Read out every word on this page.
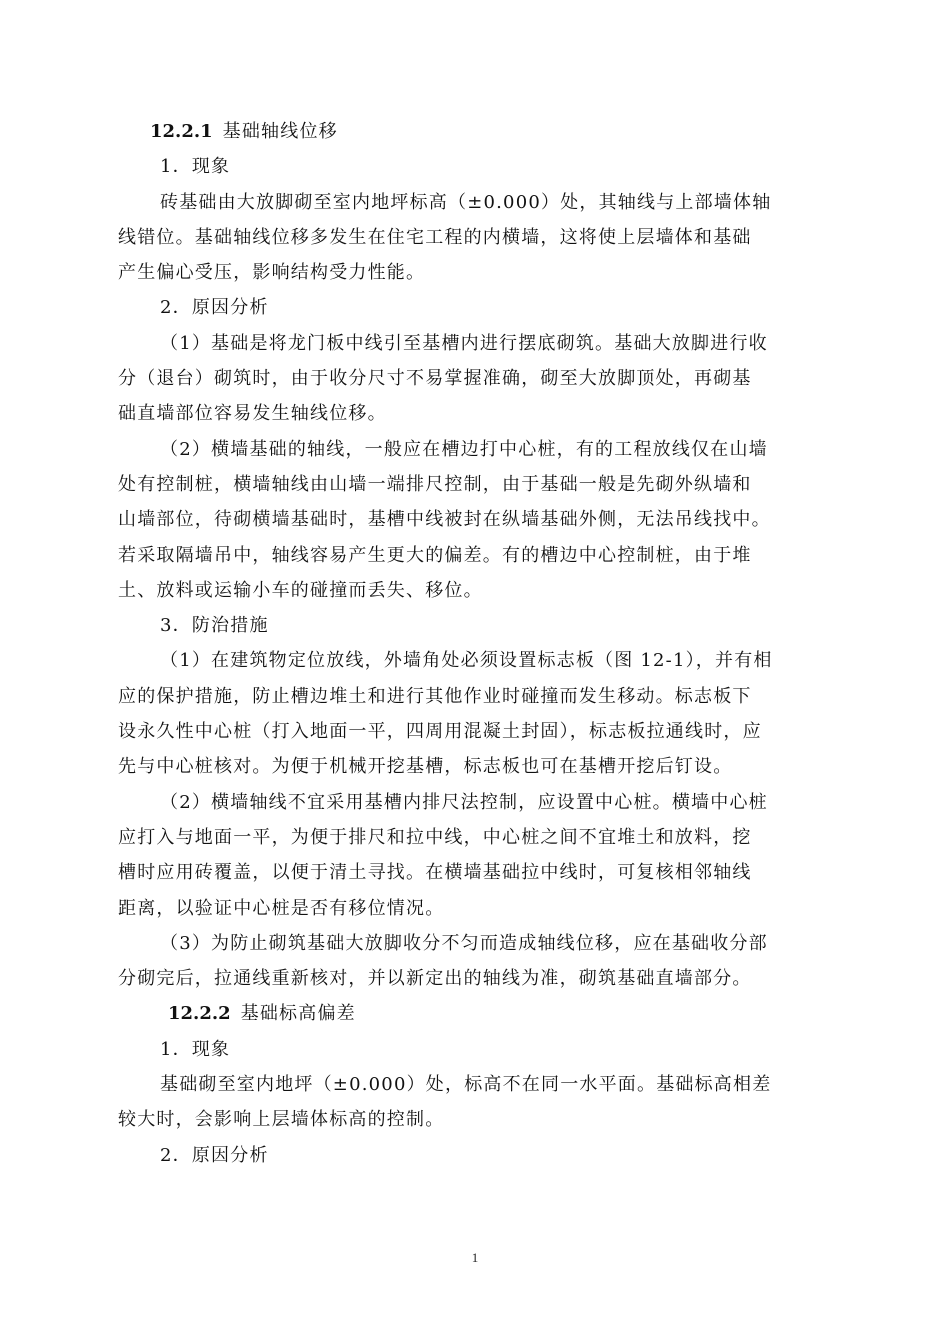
12.2.1 基础轴线位移
1．现象
砖基础由大放脚砌至室内地坪标高（±0.000）处，其轴线与上部墙体轴
线错位。基础轴线位移多发生在住宅工程的内横墙，这将使上层墙体和基础
产生偏心受压，影响结构受力性能。
2．原因分析
（1）基础是将龙门板中线引至基槽内进行摆底砌筑。基础大放脚进行收
分（退台）砌筑时，由于收分尺寸不易掌握准确，砌至大放脚顶处，再砌基
础直墙部位容易发生轴线位移。
（2）横墙基础的轴线，一般应在槽边打中心桩，有的工程放线仅在山墙
处有控制桩，横墙轴线由山墙一端排尺控制，由于基础一般是先砌外纵墙和
山墙部位，待砌横墙基础时，基槽中线被封在纵墙基础外侧，无法吊线找中。
若采取隔墙吊中，轴线容易产生更大的偏差。有的槽边中心控制桩，由于堆
土、放料或运输小车的碰撞而丢失、移位。
3．防治措施
（1）在建筑物定位放线，外墙角处必须设置标志板（图 12-1），并有相
应的保护措施，防止槽边堆土和进行其他作业时碰撞而发生移动。标志板下
设永久性中心桩（打入地面一平，四周用混凝土封固），标志板拉通线时，应
先与中心桩核对。为便于机械开挖基槽，标志板也可在基槽开挖后钉设。
（2）横墙轴线不宜采用基槽内排尺法控制，应设置中心桩。横墙中心桩
应打入与地面一平，为便于排尺和拉中线，中心桩之间不宜堆土和放料，挖
槽时应用砖覆盖，以便于清土寻找。在横墙基础拉中线时，可复核相邻轴线
距离，以验证中心桩是否有移位情况。
（3）为防止砌筑基础大放脚收分不匀而造成轴线位移，应在基础收分部
分砌完后，拉通线重新核对，并以新定出的轴线为准，砌筑基础直墙部分。
12.2.2 基础标高偏差
1．现象
基础砌至室内地坪（±0.000）处，标高不在同一水平面。基础标高相差
较大时，会影响上层墙体标高的控制。
2．原因分析
1
